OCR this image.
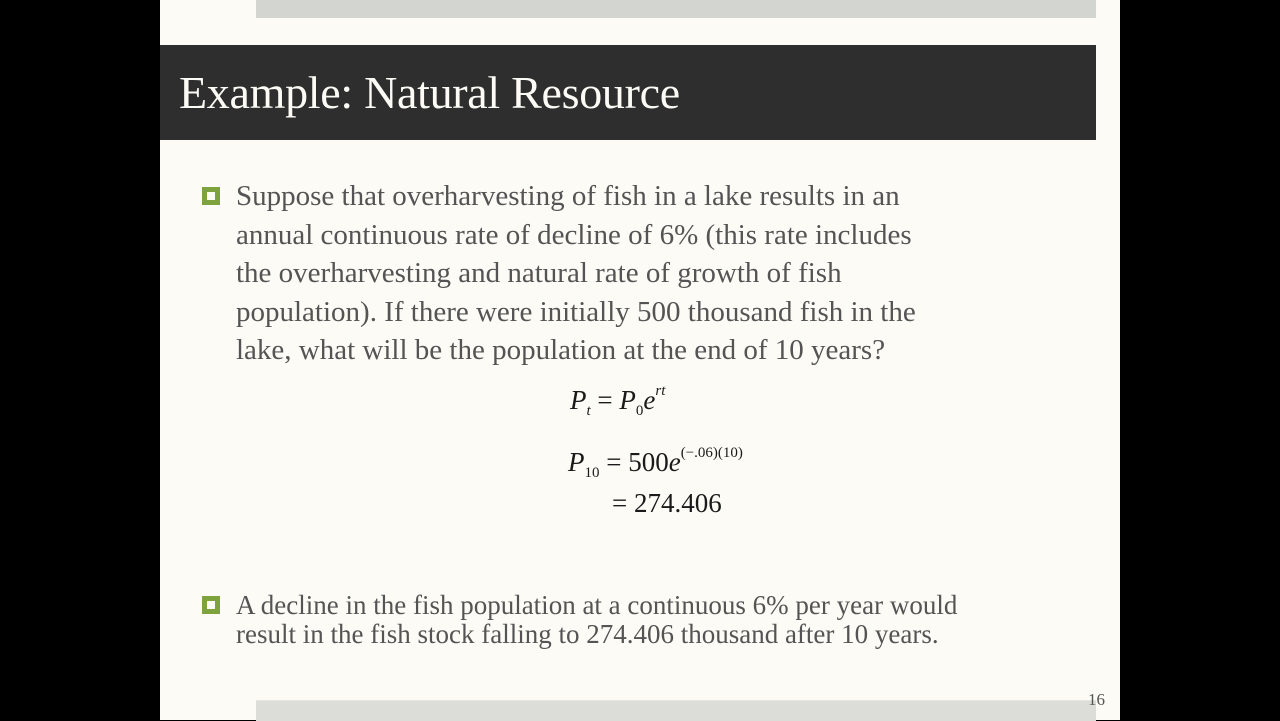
Example: Natural Resource
Suppose that overharvesting of fish in a lake results in an
annual continuous rate of decline of 6% (this rate includes
the overharvesting and natural rate of growth of fish
population). If there were initially 500 thousand fish in the
lake, what will be the population at the end of 10 years?
$P_t = P_0e^{rt}$
$P_{10} = 500e^{(-.06)(10)}$
= 274.406
A decline in the fish population at a continuous 6% per year would
result in the fish stock falling to 274.406 thousand after 10 years.
16
